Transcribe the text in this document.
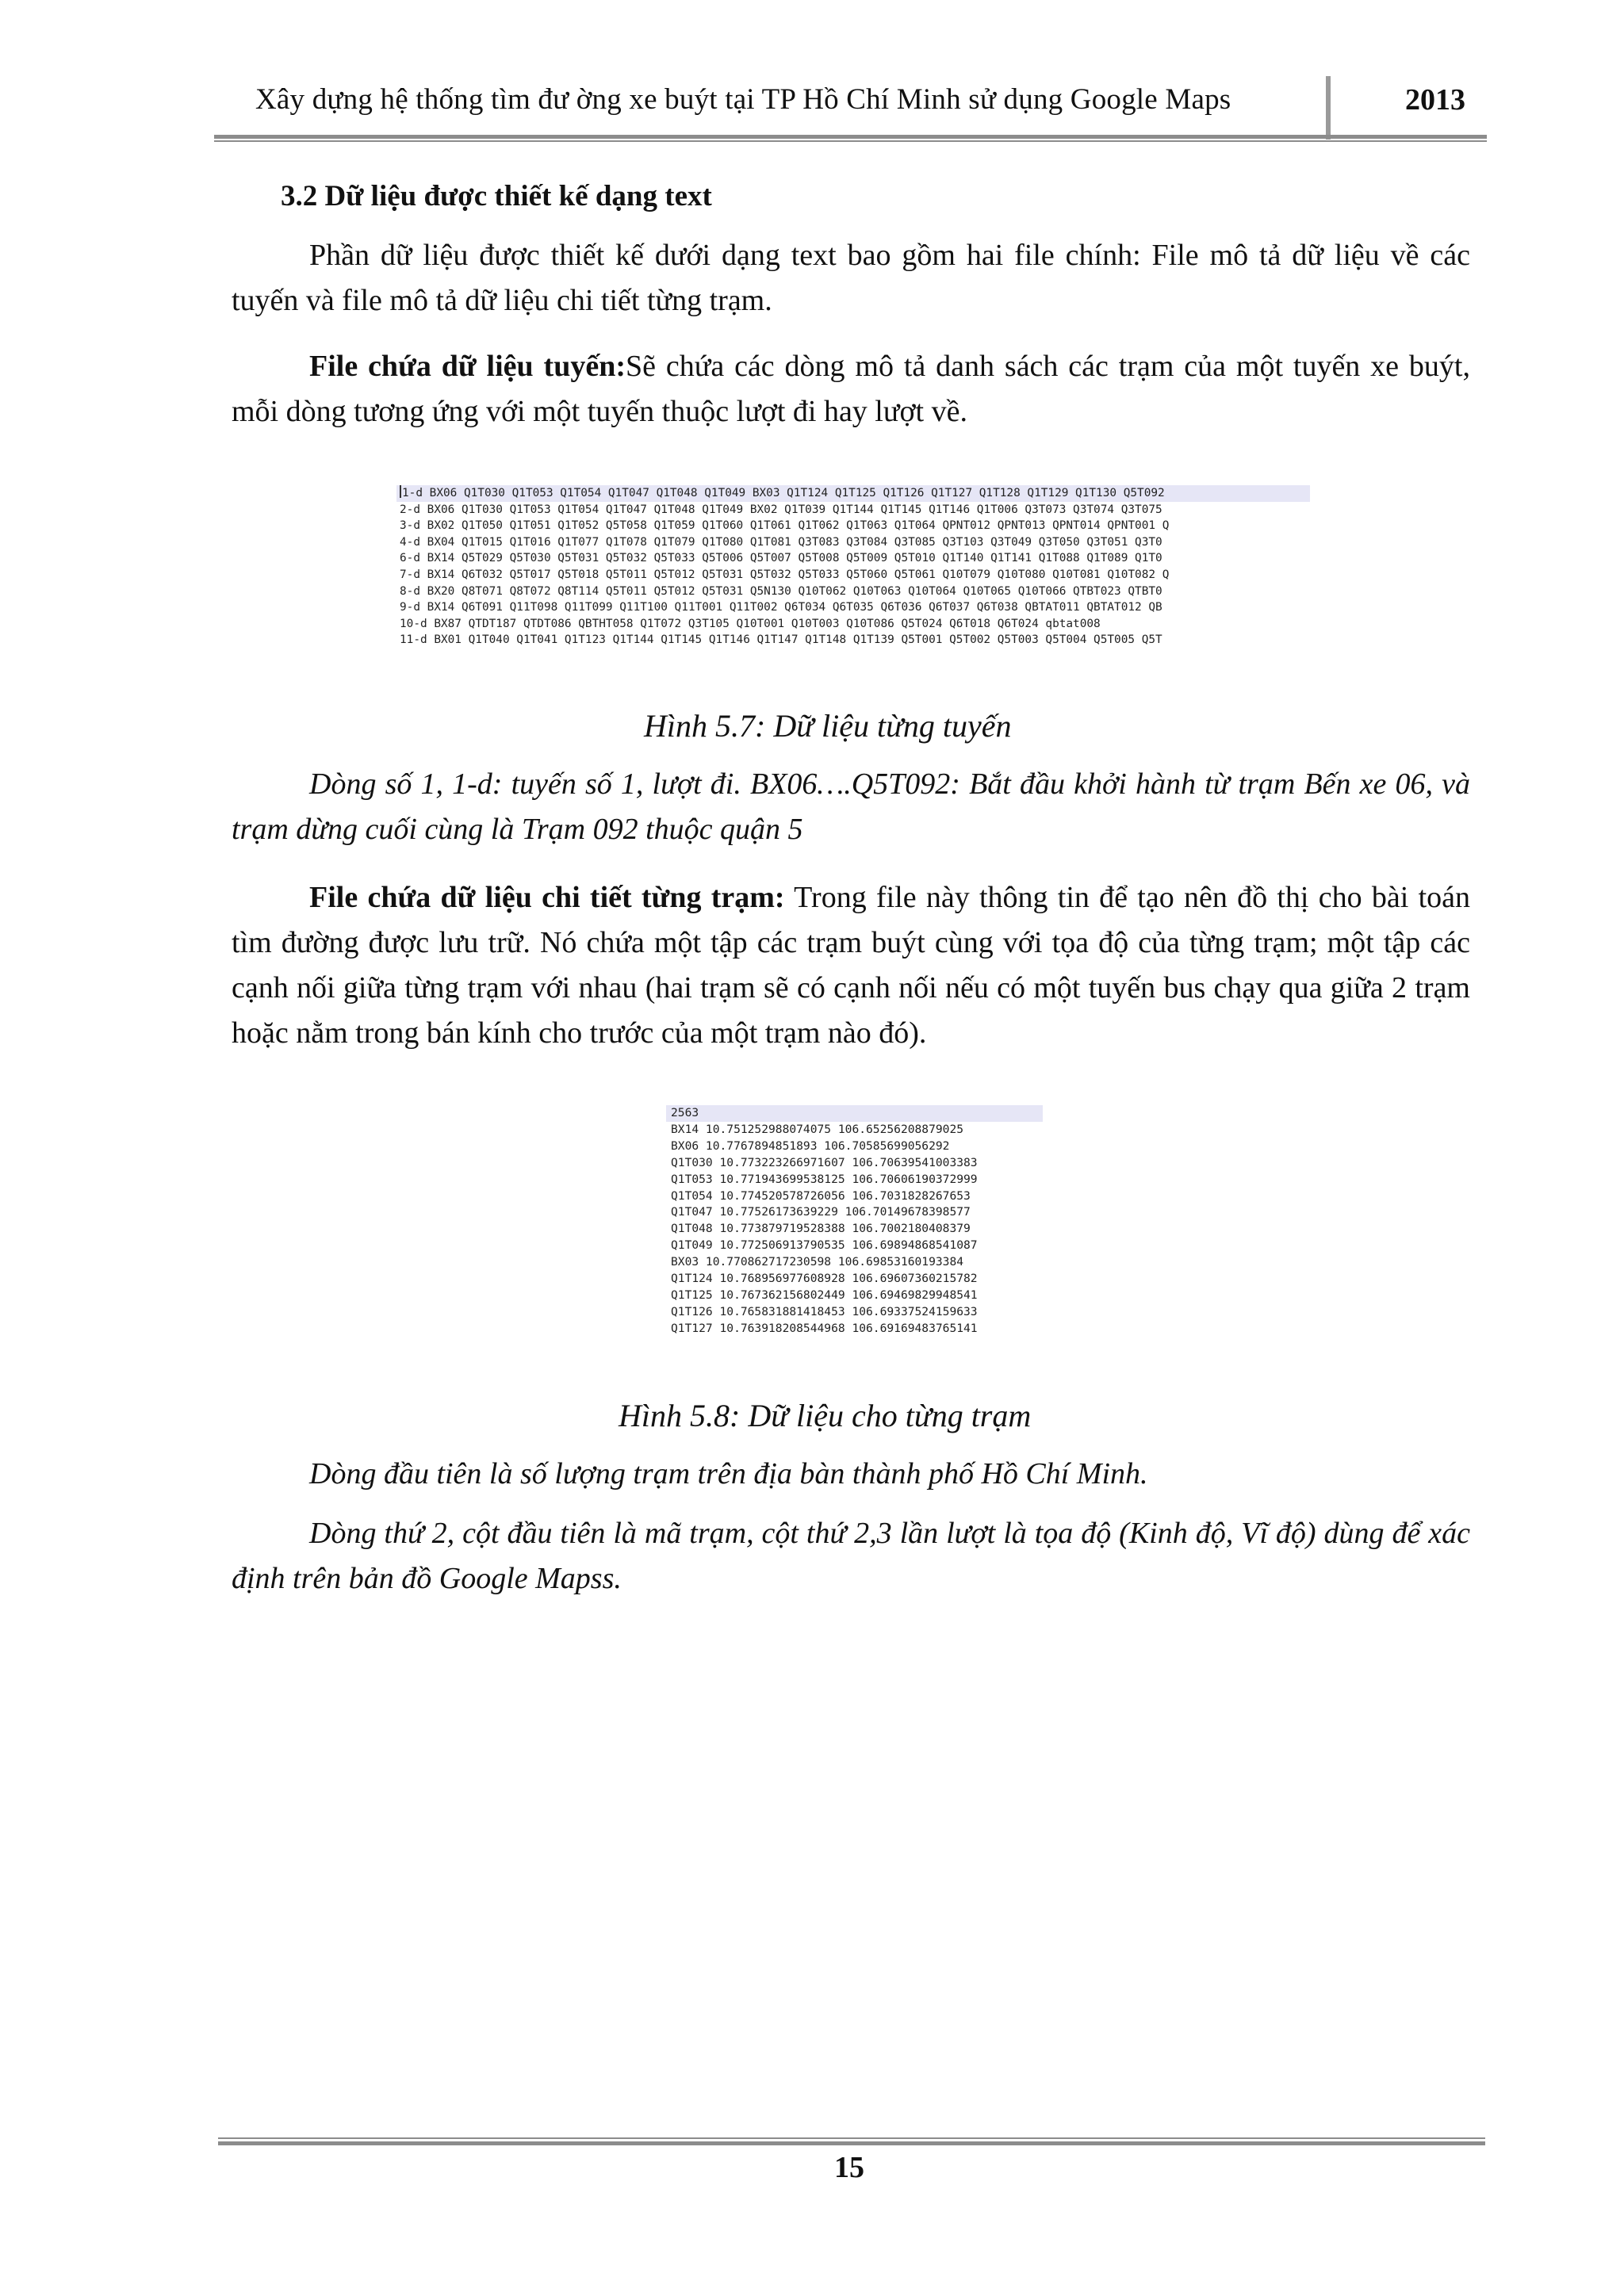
Xây dựng hệ thống tìm đư ờng xe buýt tại TP Hồ Chí Minh sử dụng Google Maps	2013
3.2 Dữ liệu được thiết kế dạng text

Phần dữ liệu được thiết kế dưới dạng text bao gồm hai file chính: File mô tả dữ liệu về các tuyến và file mô tả dữ liệu chi tiết từng trạm.

File chứa dữ liệu tuyến:Sẽ chứa các dòng mô tả danh sách các trạm của một tuyến xe buýt, mỗi dòng tương ứng với một tuyến thuộc lượt đi hay lượt về.

1-d BX06 Q1T030 Q1T053 Q1T054 Q1T047 Q1T048 Q1T049 BX03 Q1T124 Q1T125 Q1T126 Q1T127 Q1T128 Q1T129 Q1T130 Q5T092
2-d BX06 Q1T030 Q1T053 Q1T054 Q1T047 Q1T048 Q1T049 BX02 Q1T039 Q1T144 Q1T145 Q1T146 Q1T006 Q3T073 Q3T074 Q3T075
3-d BX02 Q1T050 Q1T051 Q1T052 Q5T058 Q1T059 Q1T060 Q1T061 Q1T062 Q1T063 Q1T064 QPNT012 QPNT013 QPNT014 QPNT001 Q
4-d BX04 Q1T015 Q1T016 Q1T077 Q1T078 Q1T079 Q1T080 Q1T081 Q3T083 Q3T084 Q3T085 Q3T103 Q3T049 Q3T050 Q3T051 Q3T0
6-d BX14 Q5T029 Q5T030 Q5T031 Q5T032 Q5T033 Q5T006 Q5T007 Q5T008 Q5T009 Q5T010 Q1T140 Q1T141 Q1T088 Q1T089 Q1T0
7-d BX14 Q6T032 Q5T017 Q5T018 Q5T011 Q5T012 Q5T031 Q5T032 Q5T033 Q5T060 Q5T061 Q10T079 Q10T080 Q10T081 Q10T082 Q
8-d BX20 Q8T071 Q8T072 Q8T114 Q5T011 Q5T012 Q5T031 Q5N130 Q10T062 Q10T063 Q10T064 Q10T065 Q10T066 QTBT023 QTBT0
9-d BX14 Q6T091 Q11T098 Q11T099 Q11T100 Q11T001 Q11T002 Q6T034 Q6T035 Q6T036 Q6T037 Q6T038 QBTAT011 QBTAT012 QB
10-d BX87 QTDT187 QTDT086 QBTHT058 Q1T072 Q3T105 Q10T001 Q10T003 Q10T086 Q5T024 Q6T018 Q6T024 qbtat008
11-d BX01 Q1T040 Q1T041 Q1T123 Q1T144 Q1T145 Q1T146 Q1T147 Q1T148 Q1T139 Q5T001 Q5T002 Q5T003 Q5T004 Q5T005 Q5T
Hình 5.7: Dữ liệu từng tuyến

Dòng số 1, 1-d: tuyến số 1, lượt đi. BX06….Q5T092: Bắt đầu khởi hành từ trạm Bến xe 06, và trạm dừng cuối cùng là Trạm 092 thuộc quận 5

File chứa dữ liệu chi tiết từng trạm: Trong file này thông tin để tạo nên đồ thị cho bài toán tìm đường được lưu trữ. Nó chứa một tập các trạm buýt cùng với tọa độ của từng trạm; một tập các cạnh nối giữa từng trạm với nhau (hai trạm sẽ có cạnh nối nếu có một tuyến bus chạy qua giữa 2 trạm hoặc nằm trong bán kính cho trước của một trạm nào đó).

2563
BX14 10.751252988074075 106.65256208879025
BX06 10.7767894851893 106.70585699056292
Q1T030 10.773223266971607 106.70639541003383
Q1T053 10.771943699538125 106.70606190372999
Q1T054 10.774520578726056 106.7031828267653
Q1T047 10.77526173639229 106.70149678398577
Q1T048 10.773879719528388 106.7002180408379
Q1T049 10.772506913790535 106.69894868541087
BX03 10.770862717230598 106.69853160193384
Q1T124 10.768956977608928 106.69607360215782
Q1T125 10.767362156802449 106.69469829948541
Q1T126 10.765831881418453 106.69337524159633
Q1T127 10.763918208544968 106.69169483765141
Hình 5.8: Dữ liệu cho từng trạm

Dòng đầu tiên là số lượng trạm trên địa bàn thành phố Hồ Chí Minh.

Dòng thứ 2, cột đầu tiên là mã trạm, cột thứ 2,3 lần lượt là tọa độ (Kinh độ, Vĩ độ) dùng để xác định trên bản đồ Google Mapss.

15
